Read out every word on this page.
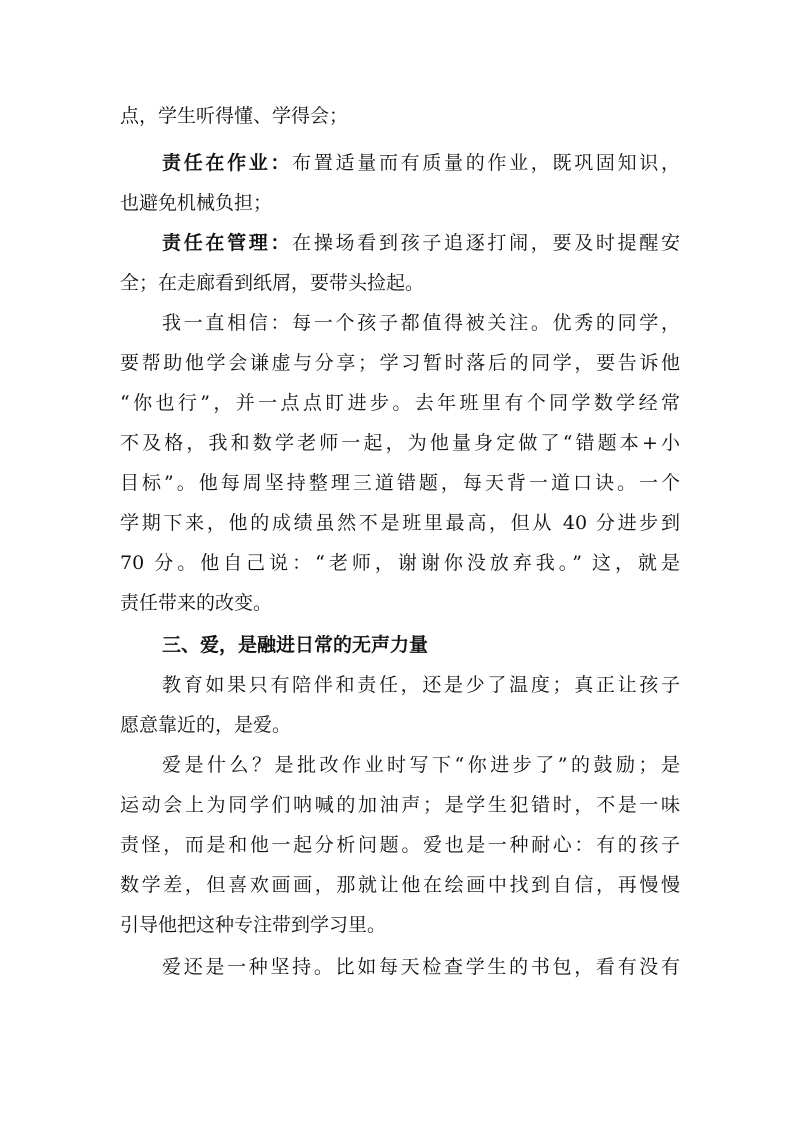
点，学生听得懂、学得会；
责任在作业：布置适量而有质量的作业，既巩固知识，
也避免机械负担；
责任在管理：在操场看到孩子追逐打闹，要及时提醒安
全；在走廊看到纸屑，要带头捡起。
我一直相信：每一个孩子都值得被关注。优秀的同学，
要帮助他学会谦虚与分享；学习暂时落后的同学，要告诉他
“你也行”，并一点点盯进步。去年班里有个同学数学经常
不及格，我和数学老师一起，为他量身定做了“错题本+小
目标”。他每周坚持整理三道错题，每天背一道口诀。一个
学期下来，他的成绩虽然不是班里最高，但从 40 分进步到
70 分。他自己说：“老师，谢谢你没放弃我。” 这，就是
责任带来的改变。
三、爱，是融进日常的无声力量
教育如果只有陪伴和责任，还是少了温度；真正让孩子
愿意靠近的，是爱。
爱是什么？是批改作业时写下“你进步了”的鼓励；是
运动会上为同学们呐喊的加油声；是学生犯错时，不是一味
责怪，而是和他一起分析问题。爱也是一种耐心：有的孩子
数学差，但喜欢画画，那就让他在绘画中找到自信，再慢慢
引导他把这种专注带到学习里。
爱还是一种坚持。比如每天检查学生的书包，看有没有
